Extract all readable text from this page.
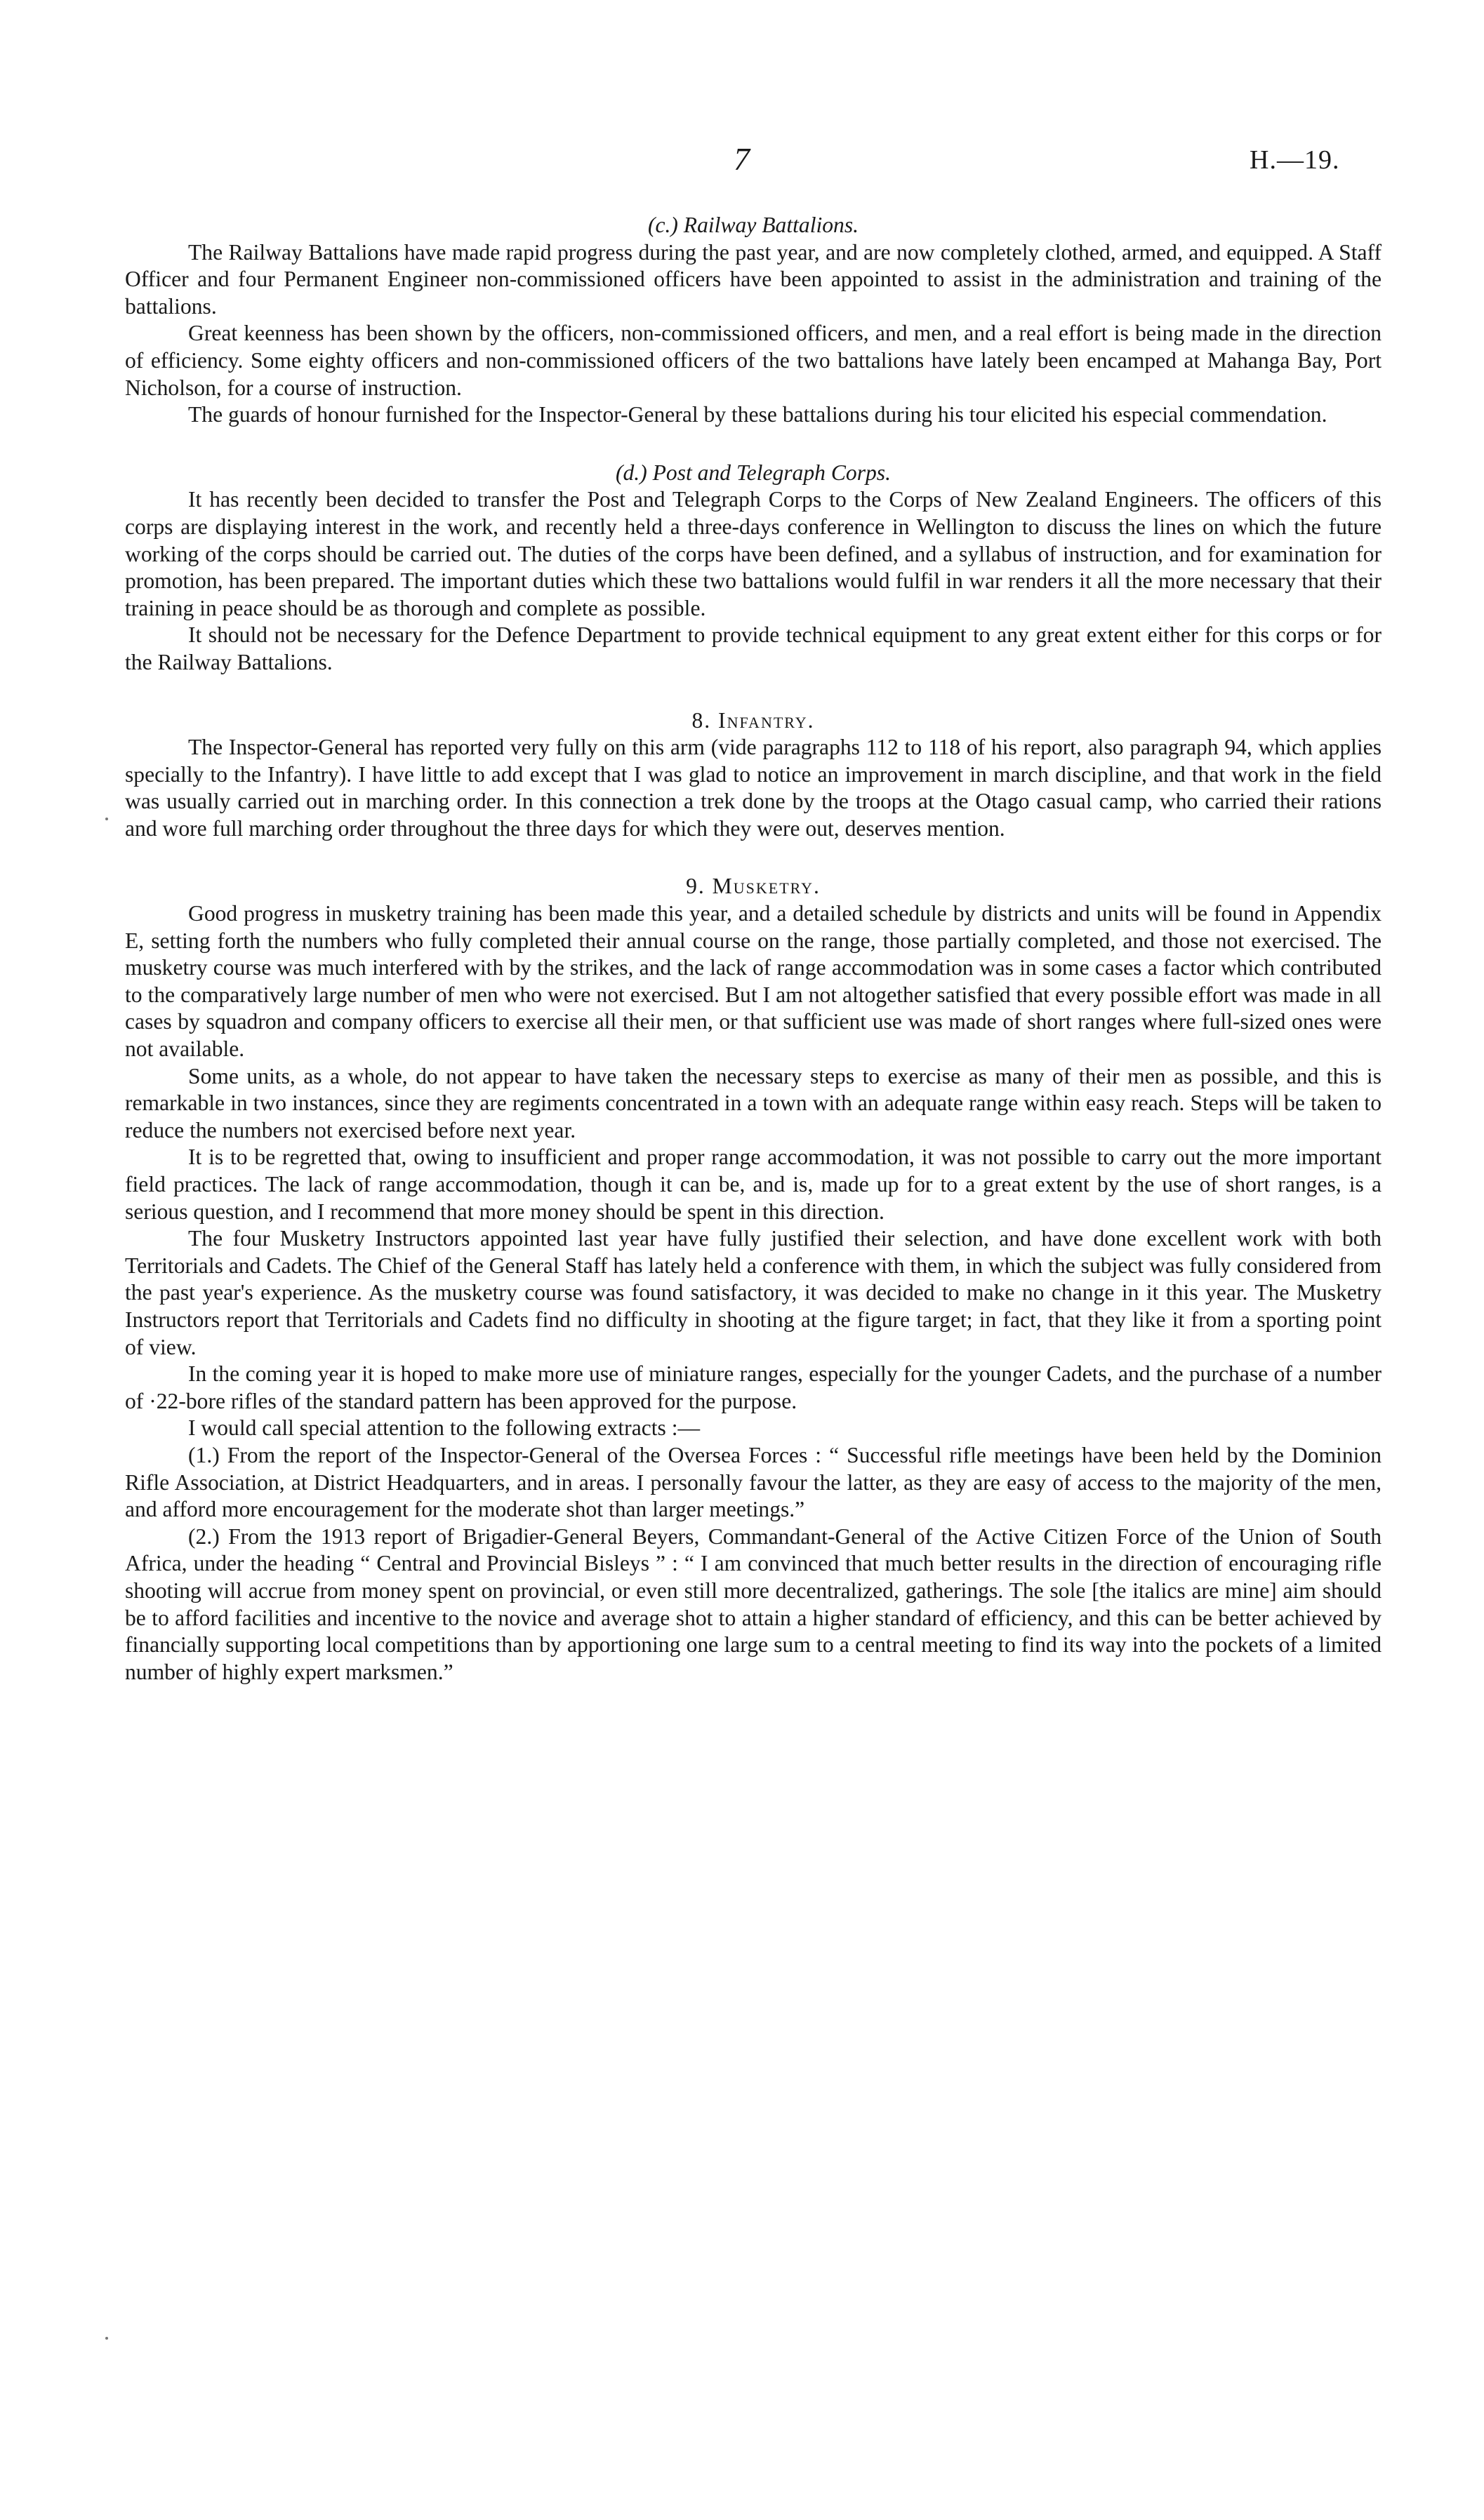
7	H.—19.
(c.) Railway Battalions.

The Railway Battalions have made rapid progress during the past year, and are now completely clothed, armed, and equipped. A Staff Officer and four Permanent Engineer non-commissioned officers have been appointed to assist in the administration and training of the battalions.

Great keenness has been shown by the officers, non-commissioned officers, and men, and a real effort is being made in the direction of efficiency. Some eighty officers and non-commissioned officers of the two battalions have lately been encamped at Mahanga Bay, Port Nicholson, for a course of instruction.

The guards of honour furnished for the Inspector-General by these battalions during his tour elicited his especial commendation.

(d.) Post and Telegraph Corps.

It has recently been decided to transfer the Post and Telegraph Corps to the Corps of New Zealand Engineers. The officers of this corps are displaying interest in the work, and recently held a three-days conference in Wellington to discuss the lines on which the future working of the corps should be carried out. The duties of the corps have been defined, and a syllabus of instruction, and for examination for promotion, has been prepared. The important duties which these two battalions would fulfil in war renders it all the more necessary that their training in peace should be as thorough and complete as possible.

It should not be necessary for the Defence Department to provide technical equipment to any great extent either for this corps or for the Railway Battalions.

8. Infantry.

The Inspector-General has reported very fully on this arm (vide paragraphs 112 to 118 of his report, also paragraph 94, which applies specially to the Infantry). I have little to add except that I was glad to notice an improvement in march discipline, and that work in the field was usually carried out in marching order. In this connection a trek done by the troops at the Otago casual camp, who carried their rations and wore full marching order throughout the three days for which they were out, deserves mention.

9. Musketry.

Good progress in musketry training has been made this year, and a detailed schedule by districts and units will be found in Appendix E, setting forth the numbers who fully completed their annual course on the range, those partially completed, and those not exercised. The musketry course was much interfered with by the strikes, and the lack of range accommodation was in some cases a factor which contributed to the comparatively large number of men who were not exercised. But I am not altogether satisfied that every possible effort was made in all cases by squadron and company officers to exercise all their men, or that sufficient use was made of short ranges where full-sized ones were not available.

Some units, as a whole, do not appear to have taken the necessary steps to exercise as many of their men as possible, and this is remarkable in two instances, since they are regiments concentrated in a town with an adequate range within easy reach. Steps will be taken to reduce the numbers not exercised before next year.

It is to be regretted that, owing to insufficient and proper range accommodation, it was not possible to carry out the more important field practices. The lack of range accommodation, though it can be, and is, made up for to a great extent by the use of short ranges, is a serious question, and I recommend that more money should be spent in this direction.

The four Musketry Instructors appointed last year have fully justified their selection, and have done excellent work with both Territorials and Cadets. The Chief of the General Staff has lately held a conference with them, in which the subject was fully considered from the past year's experience. As the musketry course was found satisfactory, it was decided to make no change in it this year. The Musketry Instructors report that Territorials and Cadets find no difficulty in shooting at the figure target; in fact, that they like it from a sporting point of view.

In the coming year it is hoped to make more use of miniature ranges, especially for the younger Cadets, and the purchase of a number of ·22-bore rifles of the standard pattern has been approved for the purpose.

I would call special attention to the following extracts :—

(1.) From the report of the Inspector-General of the Oversea Forces : “ Successful rifle meetings have been held by the Dominion Rifle Association, at District Headquarters, and in areas. I personally favour the latter, as they are easy of access to the majority of the men, and afford more encouragement for the moderate shot than larger meetings.”

(2.) From the 1913 report of Brigadier-General Beyers, Commandant-General of the Active Citizen Force of the Union of South Africa, under the heading “ Central and Provincial Bisleys ” : “ I am convinced that much better results in the direction of encouraging rifle shooting will accrue from money spent on provincial, or even still more decentralized, gatherings. The sole [the italics are mine] aim should be to afford facilities and incentive to the novice and average shot to attain a higher standard of efficiency, and this can be better achieved by financially supporting local competitions than by apportioning one large sum to a central meeting to find its way into the pockets of a limited number of highly expert marksmen.”
